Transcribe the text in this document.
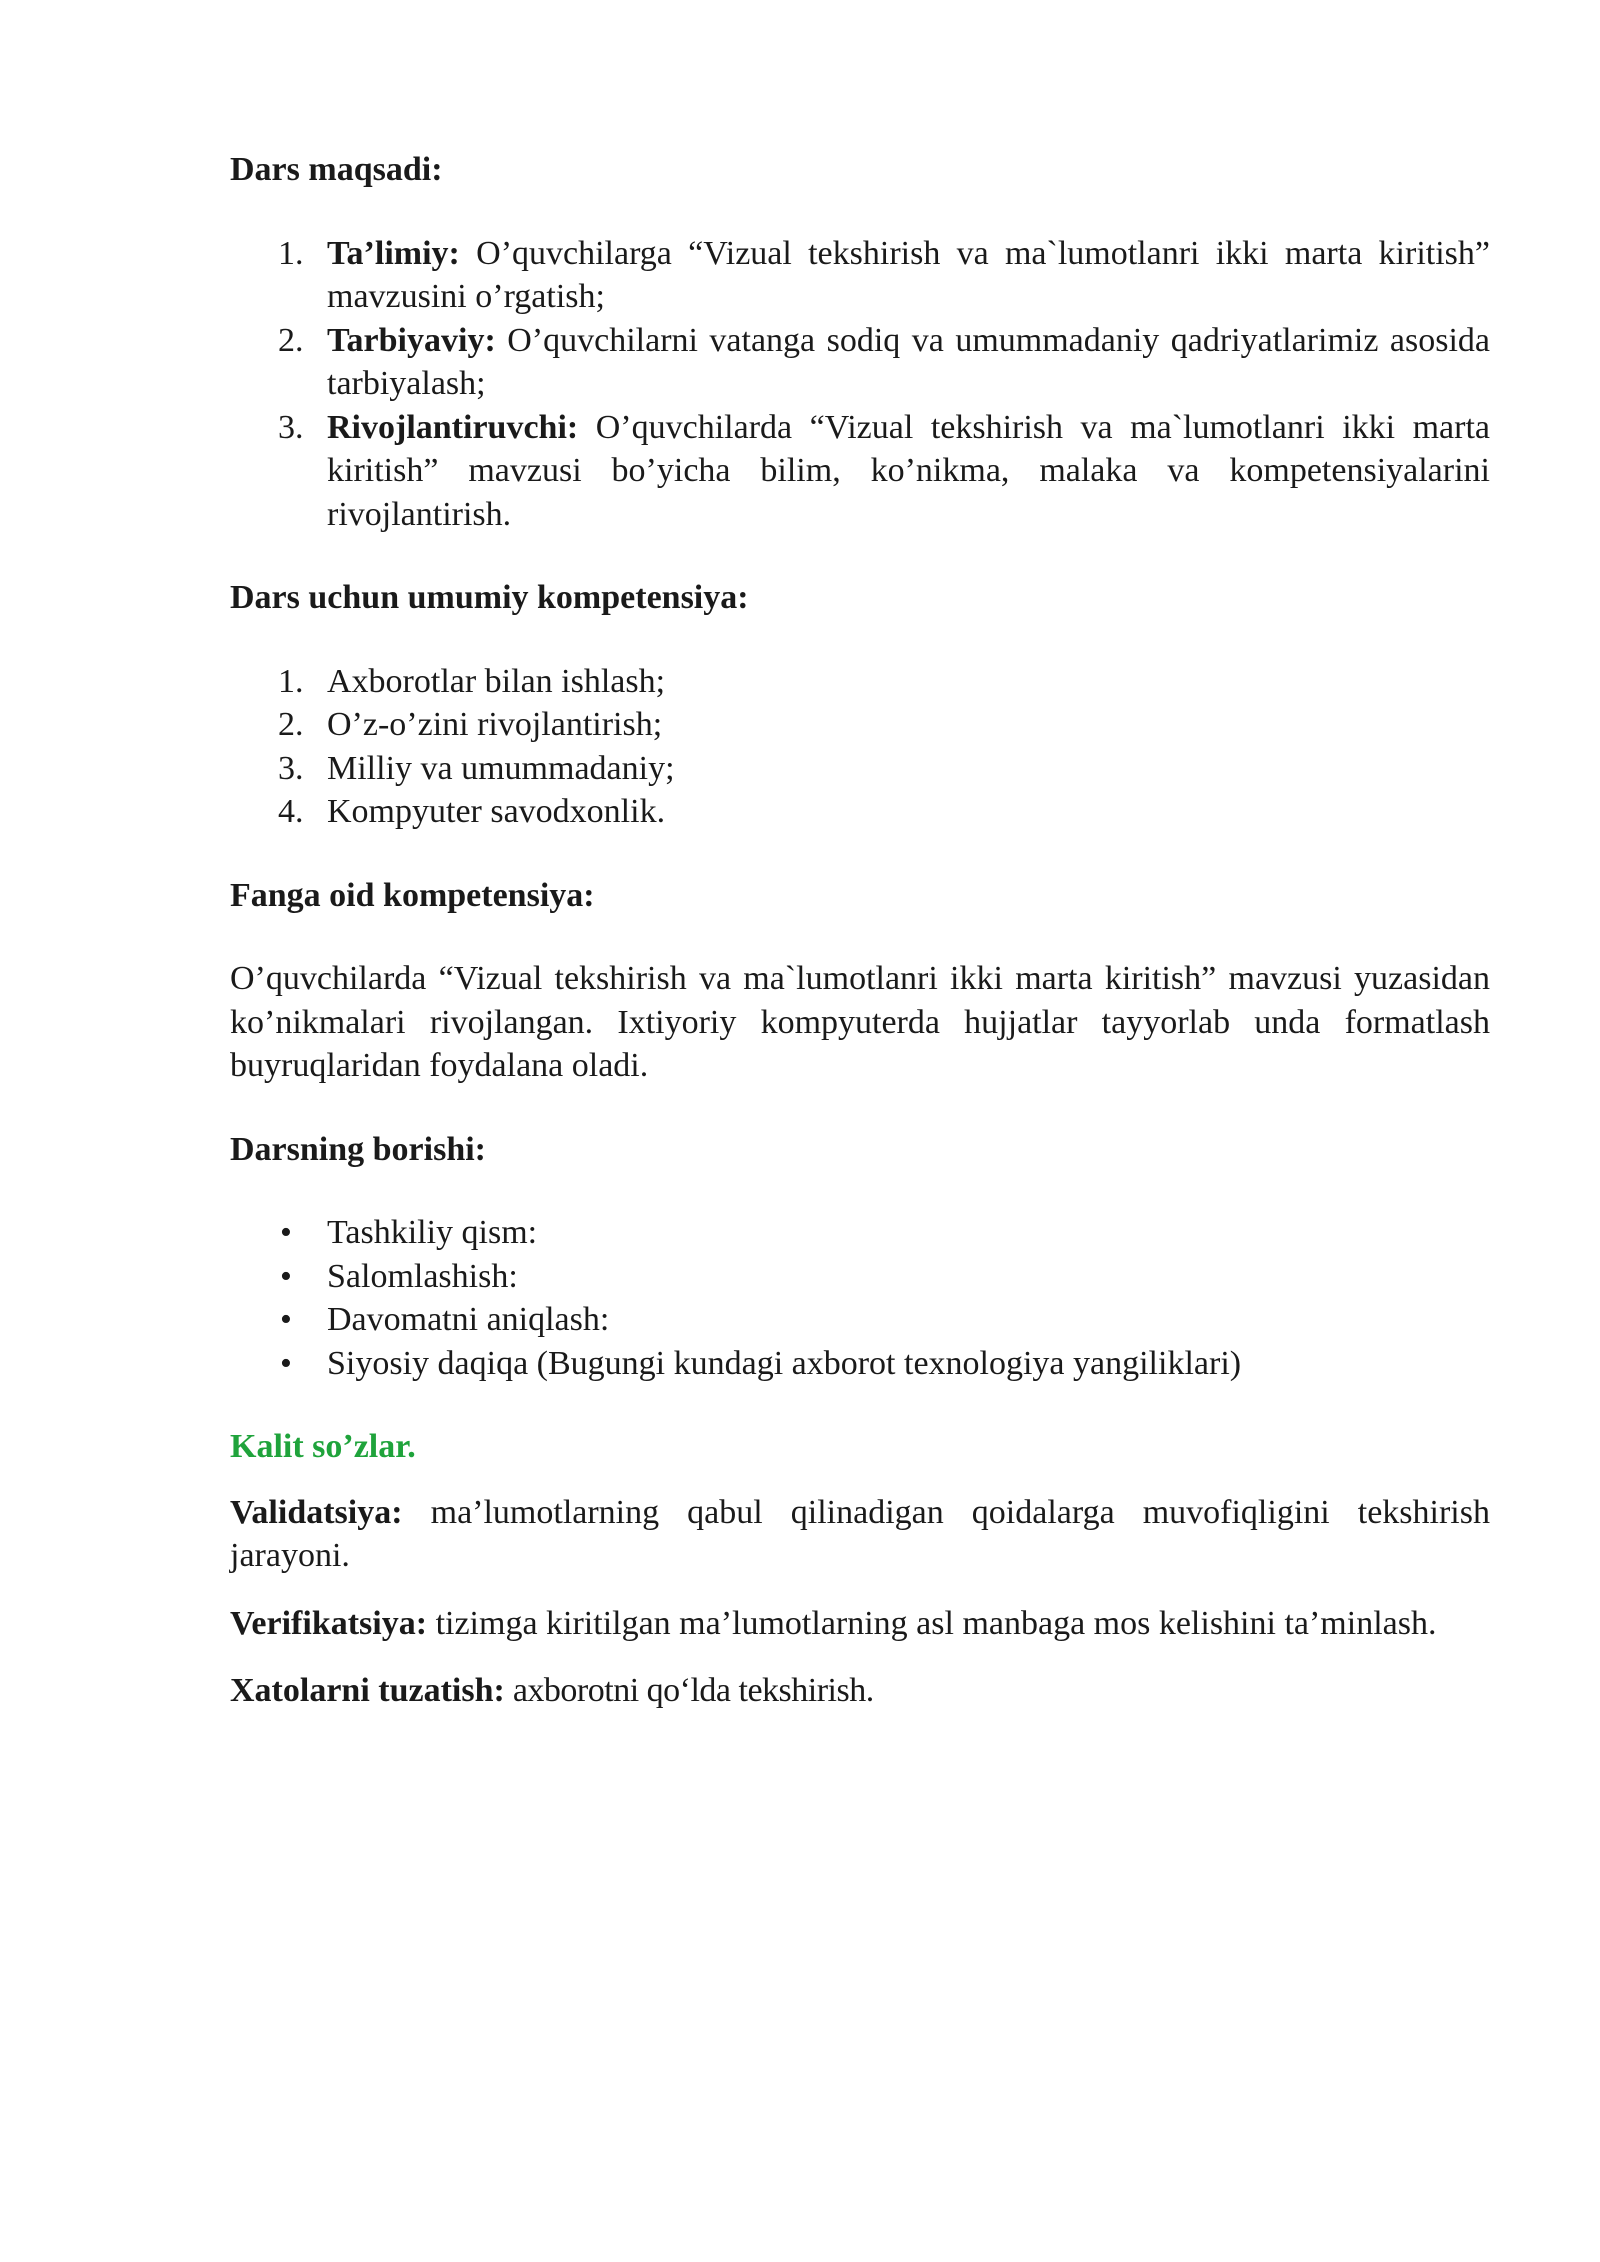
Dars maqsadi:

1. Ta’limiy: O’quvchilarga “Vizual tekshirish va ma`lumotlanri ikki marta kiritish” mavzusini o’rgatish;
2. Tarbiyaviy: O’quvchilarni vatanga sodiq va umummadaniy qadriyatlarimiz asosida tarbiyalash;
3. Rivojlantiruvchi: O’quvchilarda “Vizual tekshirish va ma`lumotlanri ikki marta kiritish” mavzusi bo’yicha bilim, ko’nikma, malaka va kompetensiyalarini rivojlantirish.

Dars uchun umumiy kompetensiya:

1. Axborotlar bilan ishlash;
2. O’z-o’zini rivojlantirish;
3. Milliy va umummadaniy;
4. Kompyuter savodxonlik.

Fanga oid kompetensiya:

O’quvchilarda “Vizual tekshirish va ma`lumotlanri ikki marta kiritish” mavzusi yuzasidan ko’nikmalari rivojlangan. Ixtiyoriy kompyuterda hujjatlar tayyorlab unda formatlash buyruqlaridan foydalana oladi.

Darsning borishi:

• Tashkiliy qism:
• Salomlashish:
• Davomatni aniqlash:
• Siyosiy daqiqa (Bugungi kundagi axborot texnologiya yangiliklari)

Kalit so’zlar.

Validatsiya: ma’lumotlarning qabul qilinadigan qoidalarga muvofiqligini tekshirish jarayoni.

Verifikatsiya: tizimga kiritilgan ma’lumotlarning asl manbaga mos kelishini ta’minlash.

Xatolarni tuzatish: axborotni qo‘lda tekshirish.
